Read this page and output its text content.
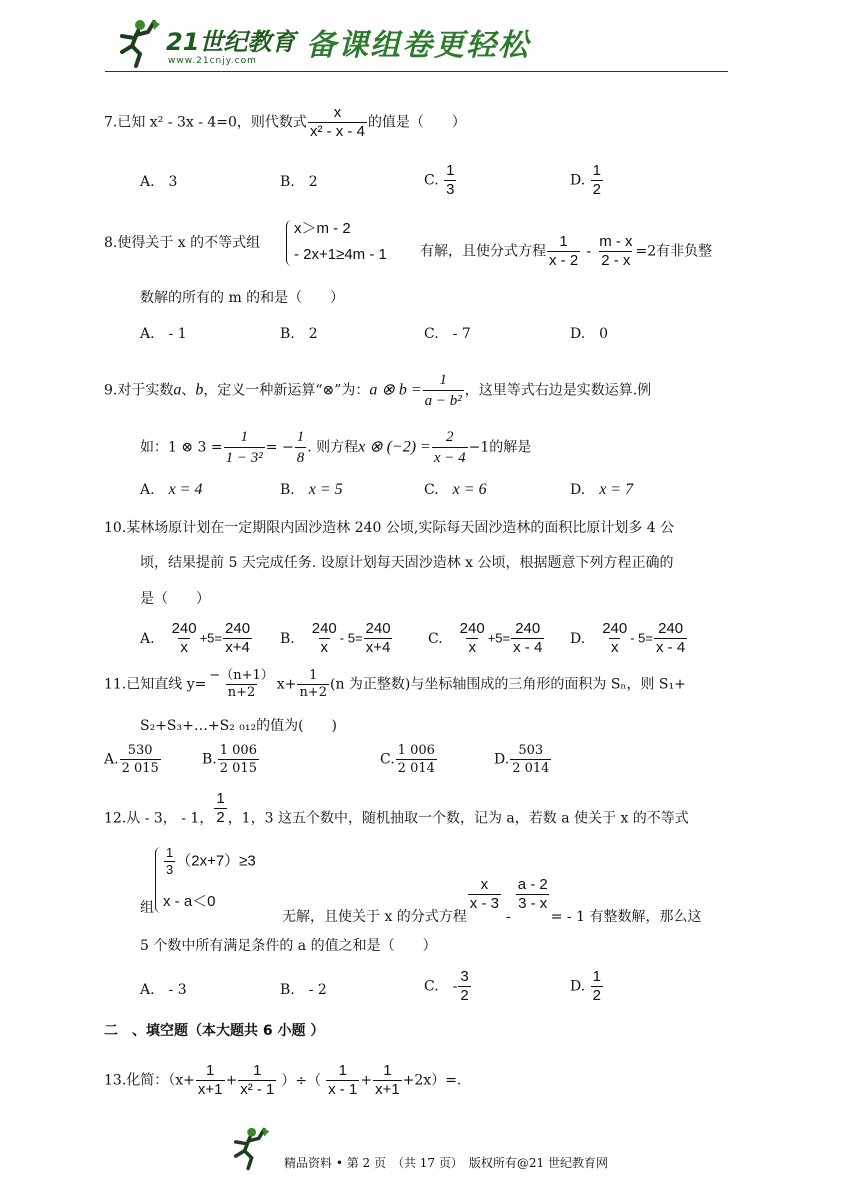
21世纪教育
www.21cnjy.com 备课组卷更轻松
7.已知 x² - 3x - 4=0，则代数式 $\frac{x}{\text{x² - x - 4}}$ 的值是（　　）
A.　3	B.　2	C. $\frac{1}{3}$	D. $\frac{1}{2}$
8.使得关于 x 的不等式组
x＞m - 2
- 2x+1≥4m - 1 有解，且使分式方程 $\frac{1}{x - 2} - \frac{m - x}{2 - x} =2$有非负整
数解的所有的 m 的和是（　　）
A.　- 1	B.　2	C.　- 7	D.　0
9.对于实数a、b，定义一种新运算“⊗”为：a ⊗ $b = \frac{1}{\text{a − b²}}$ ，这里等式右边是实数运算.例
如：1 ⊗ $3 = \frac{1}{\text{1 − 3²}}$ = − $\frac{1}{8}$ . 则方程x ⊗ $(-2) = \frac{2}{x - 4} -1$的解是
A.　 x = 4	B.　 x = 5	C.　 x = 6	D.　 x = 7
10.某林场原计划在一定期限内固沙造林 240 公顷,实际每天固沙造林的面积比原计划多 4 公
顷，结果提前 5 天完成任务. 设原计划每天固沙造林 x 公顷，根据题意下列方程正确的
是（　　）
A. $\frac{240}{x} +5= \frac{240}{x+4} B$. $\frac{240}{x} - 5= \frac{240}{x+4}$	C. $\frac{240}{x} +5= \frac{240}{x - 4} D$. $\frac{240}{x} - 5= \frac{240}{x - 4}$
11.已知直线 $y= \frac{-(n+1)}{n+2} x+ \frac{1}{n+2} (n$ 为正整数)与坐标轴围成的三角形的面积为 Sₙ，则 S₁+
S₂+S₃+…+S₂ ₀₁₂的值为(　　)
A. $\frac{530}{2 015}$	B. $\frac{1 006}{2 015}$	C. $\frac{1 006}{2 014}$	D. $\frac{503}{2 014}$
12.从 - 3， - 1， $\frac{1}{2}$ ，1，3 这五个数中，随机抽取一个数，记为 a，若数 a 使关于 x 的不等式
$\frac{1}{3} (2x+7)\ge 3$
x - a＜0
组
无解，且使关于 x 的分式方程
$\frac{x}{x - 3}$
-
$\frac{a - 2}{3 - x}$
= - 1 有整数解，那么这
5 个数中所有满足条件的 a 的值之和是（　　）
A.　- 3	B.　- 2	C.　- $\frac{3}{2}$	D. $\frac{1}{2}$
二　、填空题（本大题共 6 小题 ）
13.化简：（$x+ \frac{1}{x+1} + \frac{1}{\text{x² - 1}}$ ）÷（ $\frac{1}{x - 1} + \frac{1}{x+1} +2x)=$.
精品资料 • 第 2 页　（共 17 页）　版权所有@21 世纪教育网
